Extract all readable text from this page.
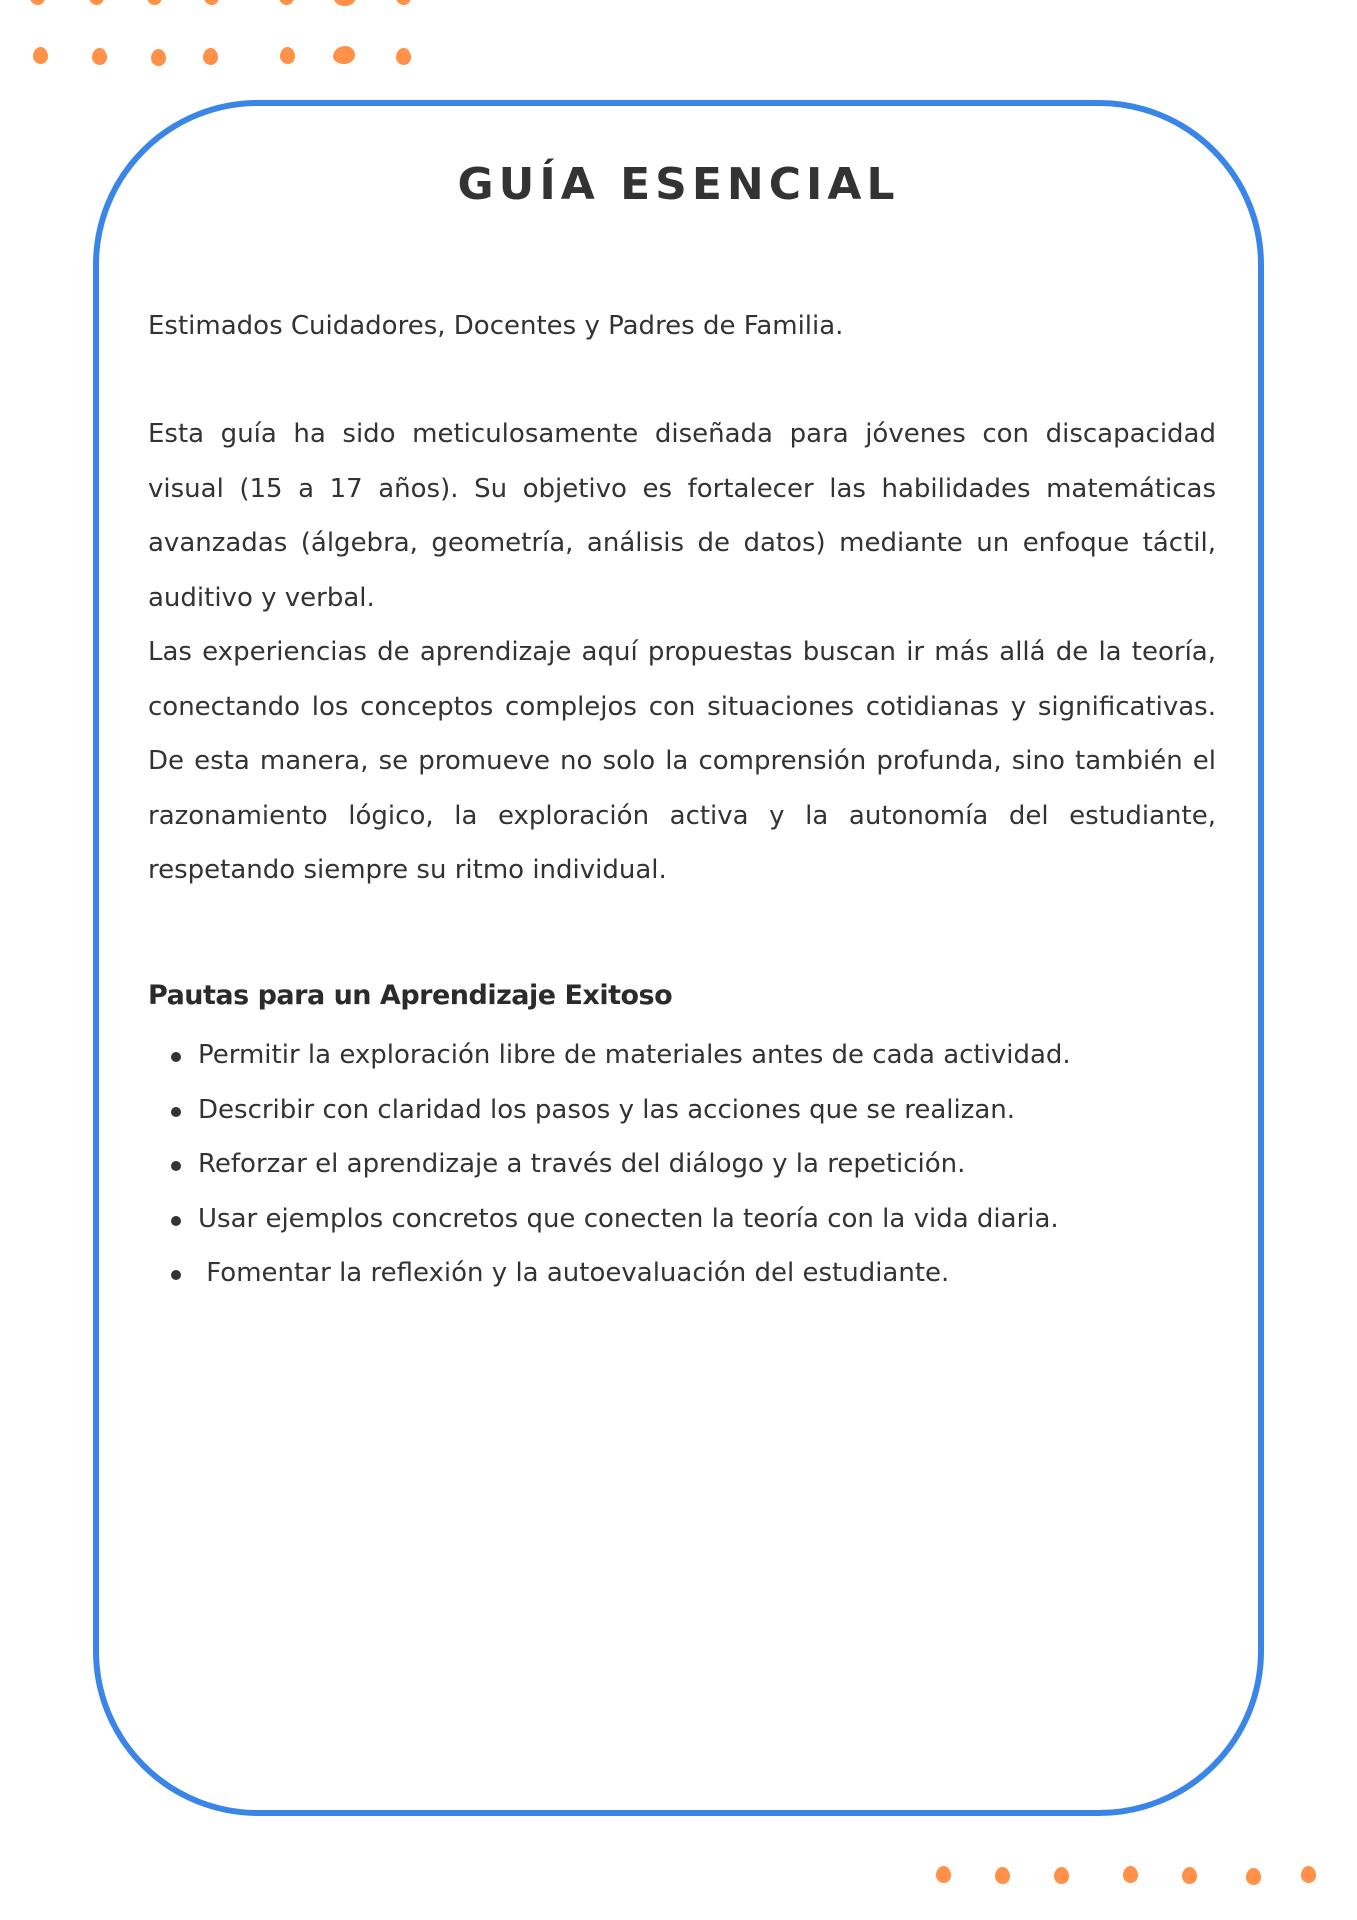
GUÍA ESENCIAL
Estimados Cuidadores, Docentes y Padres de Familia.

Esta guía ha sido meticulosamente diseñada para jóvenes con discapacidad visual (15 a 17 años). Su objetivo es fortalecer las habilidades matemáticas avanzadas (álgebra, geometría, análisis de datos) mediante un enfoque táctil, auditivo y verbal.

Las experiencias de aprendizaje aquí propuestas buscan ir más allá de la teoría, conectando los conceptos complejos con situaciones cotidianas y significativas. De esta manera, se promueve no solo la comprensión profunda, sino también el razonamiento lógico, la exploración activa y la autonomía del estudiante, respetando siempre su ritmo individual.

Pautas para un Aprendizaje Exitoso
Permitir la exploración libre de materiales antes de cada actividad.
Describir con claridad los pasos y las acciones que se realizan.
Reforzar el aprendizaje a través del diálogo y la repetición.
Usar ejemplos concretos que conecten la teoría con la vida diaria.
Fomentar la reflexión y la autoevaluación del estudiante.
